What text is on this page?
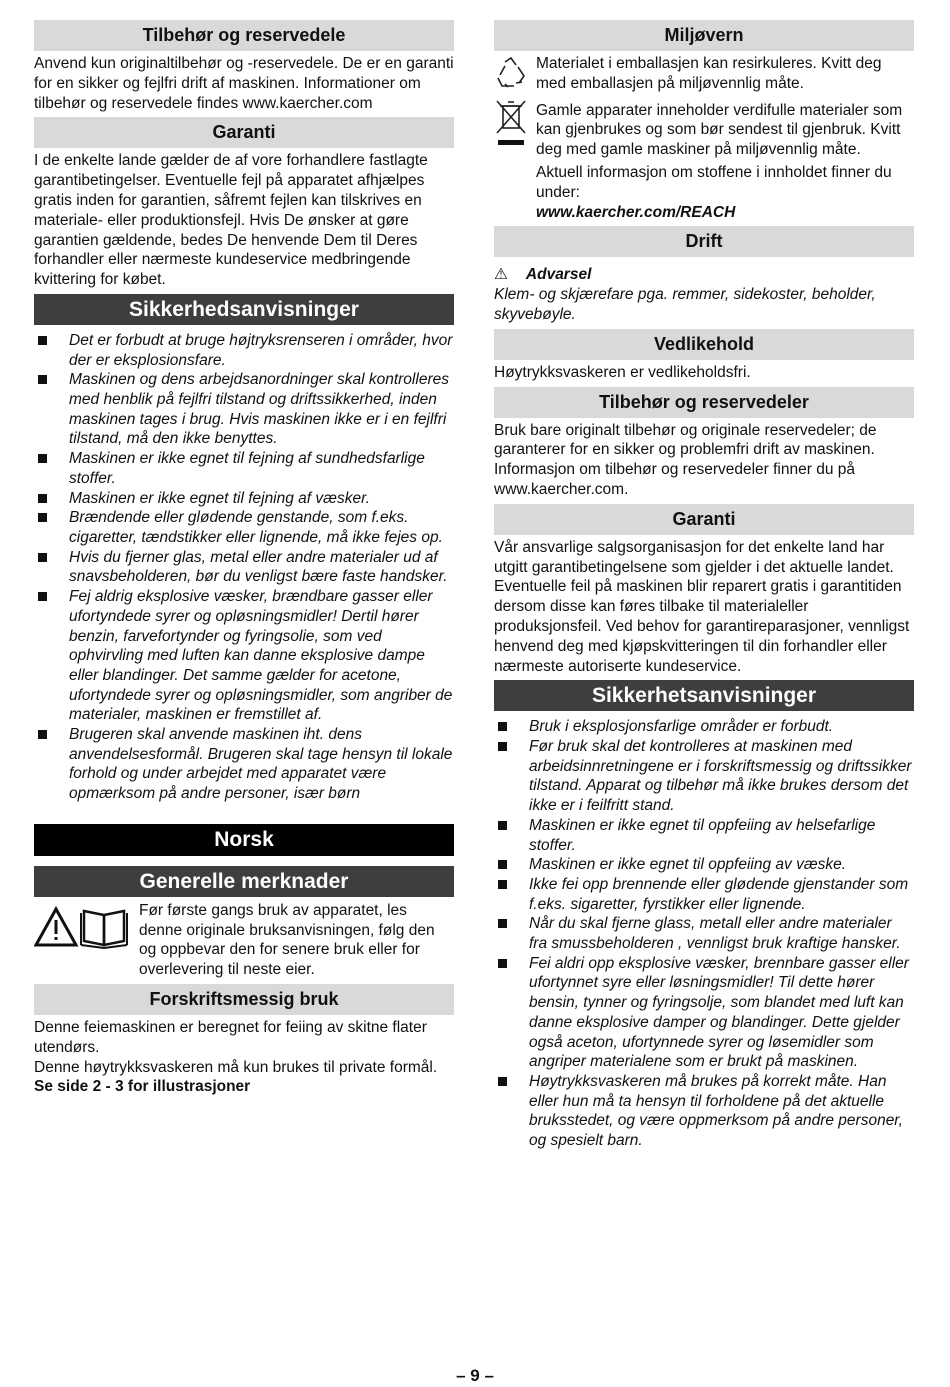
Tilbehør og reservedele

Anvend kun originaltilbehør og -reservedele. De er en garanti for en sikker og fejlfri drift af maskinen. Informationer om tilbehør og reservedele findes www.kaercher.com

Garanti

I de enkelte lande gælder de af vore forhandlere fastlagte garantibetingelser. Eventuelle fejl på apparatet afhjælpes gratis inden for garantien, såfremt fejlen kan tilskrives en materiale- eller produktionsfejl. Hvis De ønsker at gøre garantien gældende, bedes De henvende Dem til Deres forhandler eller nærmeste kundeservice medbringende kvittering for købet.

Sikkerhedsanvisninger
Det er forbudt at bruge højtryksrenseren i områder, hvor der er eksplosionsfare.
Maskinen og dens arbejdsanordninger skal kontrolleres med henblik på fejlfri tilstand og driftssikkerhed, inden maskinen tages i brug. Hvis maskinen ikke er i en fejlfri tilstand, må den ikke benyttes.
Maskinen er ikke egnet til fejning af sundhedsfarlige stoffer.
Maskinen er ikke egnet til fejning af væsker.
Brændende eller glødende genstande, som f.eks. cigaretter, tændstikker eller lignende, må ikke fejes op.
Hvis du fjerner glas, metal eller andre materialer ud af snavsbeholderen, bør du venligst bære faste handsker.
Fej aldrig eksplosive væsker, brændbare gasser eller ufortyndede syrer og opløsningsmidler! Dertil hører benzin, farvefortynder og fyringsolie, som ved ophvirvling med luften kan danne eksplosive dampe eller blandinger. Det samme gælder for acetone, ufortyndede syrer og opløsningsmidler, som angriber de materialer, maskinen er fremstillet af.
Brugeren skal anvende maskinen iht. dens anvendelsesformål. Brugeren skal tage hensyn til lokale forhold og under arbejdet med apparatet være opmærksom på andre personer, især børn
Norsk
Generelle merknader

Før første gangs bruk av apparatet, les denne originale bruksanvisningen, følg den og oppbevar den for senere bruk eller for overlevering til neste eier.

Forskriftsmessig bruk

Denne feiemaskinen er beregnet for feiing av skitne flater utendørs.

Denne høytrykksvaskeren må kun brukes til private formål.

Se side 2 - 3 for illustrasjoner

Miljøvern

Materialet i emballasjen kan resirkuleres. Kvitt deg med emballasjen på miljøvennlig måte.

Gamle apparater inneholder verdifulle materialer som kan gjenbrukes og som bør sendest til gjenbruk. Kvitt deg med gamle maskiner på miljøvennlig måte.

Aktuell informasjon om stoffene i innholdet finner du under:

www.kaercher.com/REACH

Drift
⚠ Advarsel

Klem- og skjærefare pga. remmer, sidekoster, beholder, skyvebøyle.

Vedlikehold

Høytrykksvaskeren er vedlikeholdsfri.

Tilbehør og reservedeler

Bruk bare originalt tilbehør og originale reservedeler; de garanterer for en sikker og problemfri drift av maskinen. Informasjon om tilbehør og reservedeler finner du på www.kaercher.com.

Garanti

Vår ansvarlige salgsorganisasjon for det enkelte land har utgitt garantibetingelsene som gjelder i det aktuelle landet. Eventuelle feil på maskinen blir reparert gratis i garantitiden dersom disse kan føres tilbake til materialeller produksjonsfeil. Ved behov for garantireparasjoner, vennligst henvend deg med kjøpskvitteringen til din forhandler eller nærmeste autoriserte kundeservice.

Sikkerhetsanvisninger
Bruk i eksplosjonsfarlige områder er forbudt.
Før bruk skal det kontrolleres at maskinen med arbeidsinnretningene er i forskriftsmessig og driftssikker tilstand. Apparat og tilbehør må ikke brukes dersom det ikke er i feilfritt stand.
Maskinen er ikke egnet til oppfeiing av helsefarlige stoffer.
Maskinen er ikke egnet til oppfeiing av væske.
Ikke fei opp brennende eller glødende gjenstander som f.eks. sigaretter, fyrstikker eller lignende.
Når du skal fjerne glass, metall eller andre materialer fra smussbeholderen , vennligst bruk kraftige hansker.
Fei aldri opp eksplosive væsker, brennbare gasser eller ufortynnet syre eller løsningsmidler! Til dette hører bensin, tynner og fyringsolje, som blandet med luft kan danne eksplosive damper og blandinger. Dette gjelder også aceton, ufortynnede syrer og løsemidler som angriper materialene som er brukt på maskinen.
Høytrykksvaskeren må brukes på korrekt måte. Han eller hun må ta hensyn til forholdene på det aktuelle bruksstedet, og være oppmerksom på andre personer, og spesielt barn.
– 9 –
